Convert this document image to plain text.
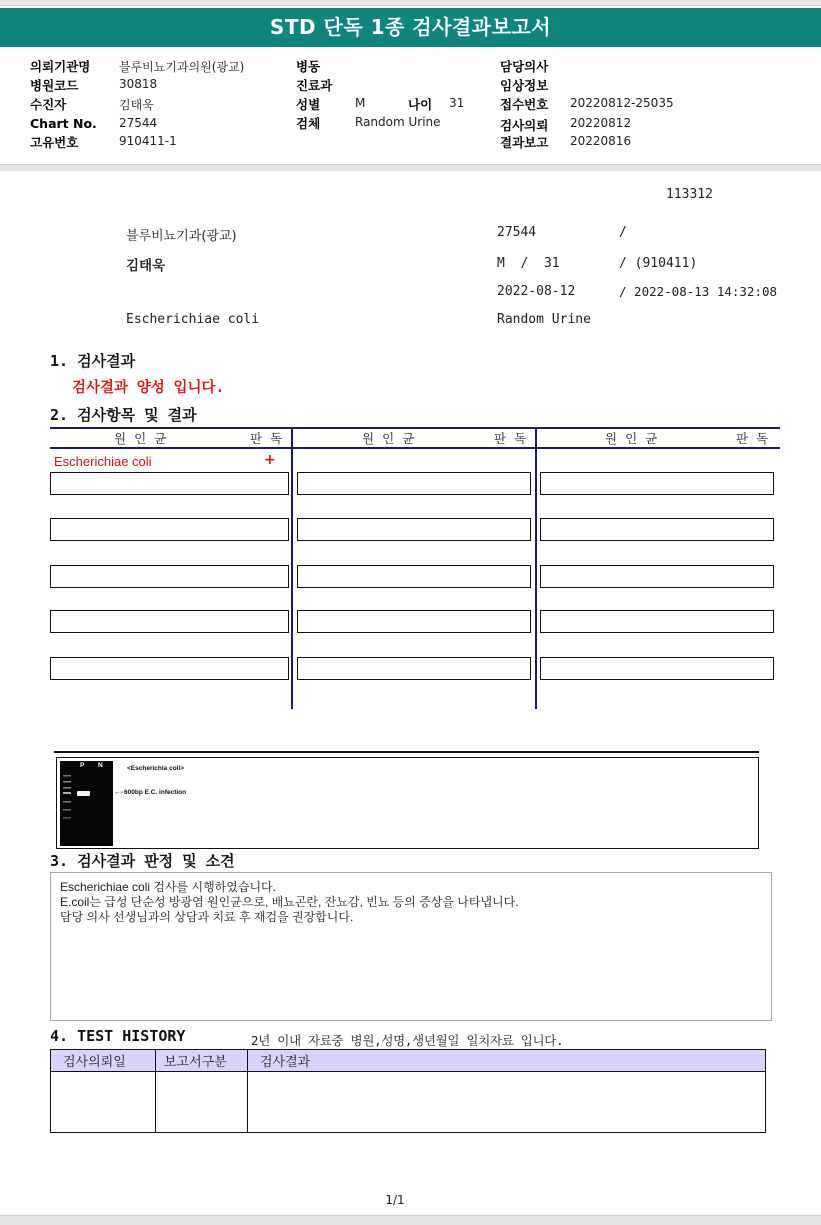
STD 단독 1종 검사결과보고서
의뢰기관명 블루비뇨기과의원(광교)
병원코드	30818
수진자	김태욱
Chart No. 27544
고유번호	910411-1
병동
진료과
성별	M	나이 31
검체	Random Urine
담당의사
임상정보
접수번호 20220812-25035
검사의뢰 20220812
결과보고 20220816
113312
블루비뇨기과(광교)	27544	/
김태욱	M  /  31	/ (910411)
2022-08-12	/ 2022-08-13 14:32:08
Escherichiae coli	Random Urine
1. 검사결과
검사결과 양성 입니다.
2. 검사항목 및 결과
원인균	판독	원인균	판독	원인균	판독
Escherichiae coli	+
P N	<Escherichia coli>
←- 600bp E.C. infection
3. 검사결과 판정 및 소견
Escherichiae coli 검사를 시행하였습니다.
E.coil는 급성 단순성 방광염 원인균으로, 배뇨곤란, 잔뇨감, 빈뇨 등의 증상을 나타냅니다.
담당 의사 선생님과의 상담과 치료 후 재검을 권장합니다.
4. TEST HISTORY	2년 이내 자료중 병원,성명,생년월일 일치자료 입니다.
검사의뢰일	보고서구분	검사결과

1/1
